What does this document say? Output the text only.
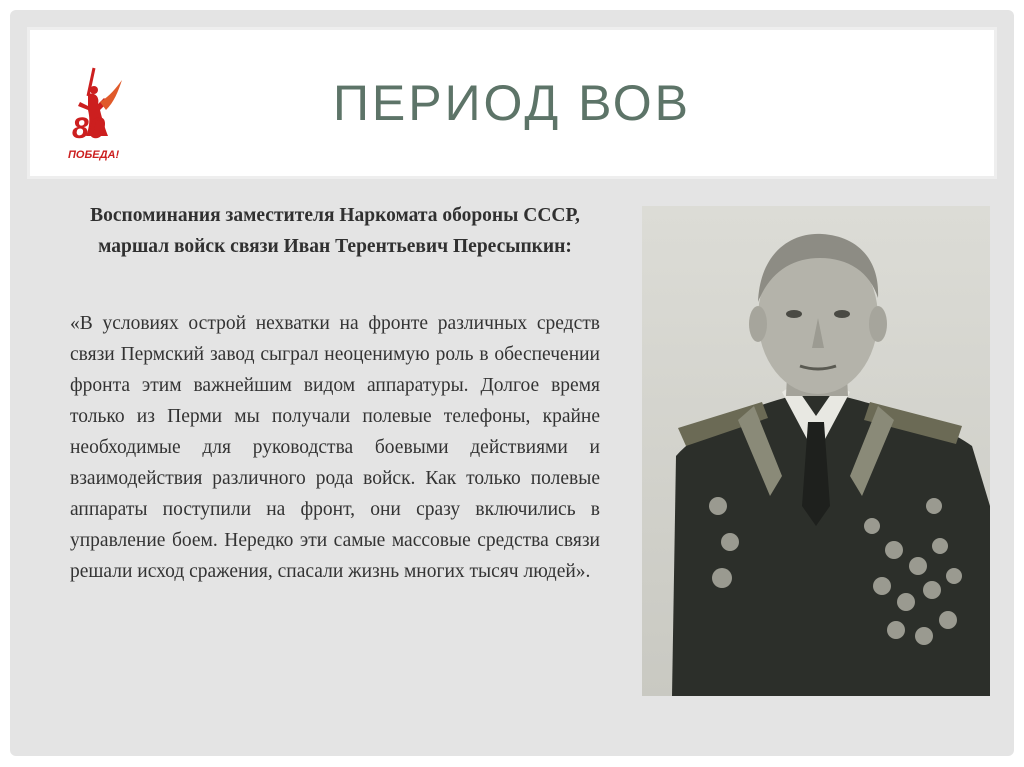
80
ПОБЕДА!
ПЕРИОД ВОВ
Воспоминания заместителя Наркомата обороны СССР, маршал войск связи Иван Терентьевич Пересыпкин:
«В условиях острой нехватки на фронте различных средств связи Пермский завод сыграл неоценимую роль в обеспечении фронта этим важнейшим видом аппаратуры. Долгое время только из Перми мы получали полевые телефоны, крайне необходимые для руководства боевыми действиями и взаимодействия различного рода войск. Как только полевые аппараты поступили на фронт, они сразу включились в управление боем. Нередко эти самые массовые средства связи решали исход сражения, спасали жизнь многих тысяч людей».
